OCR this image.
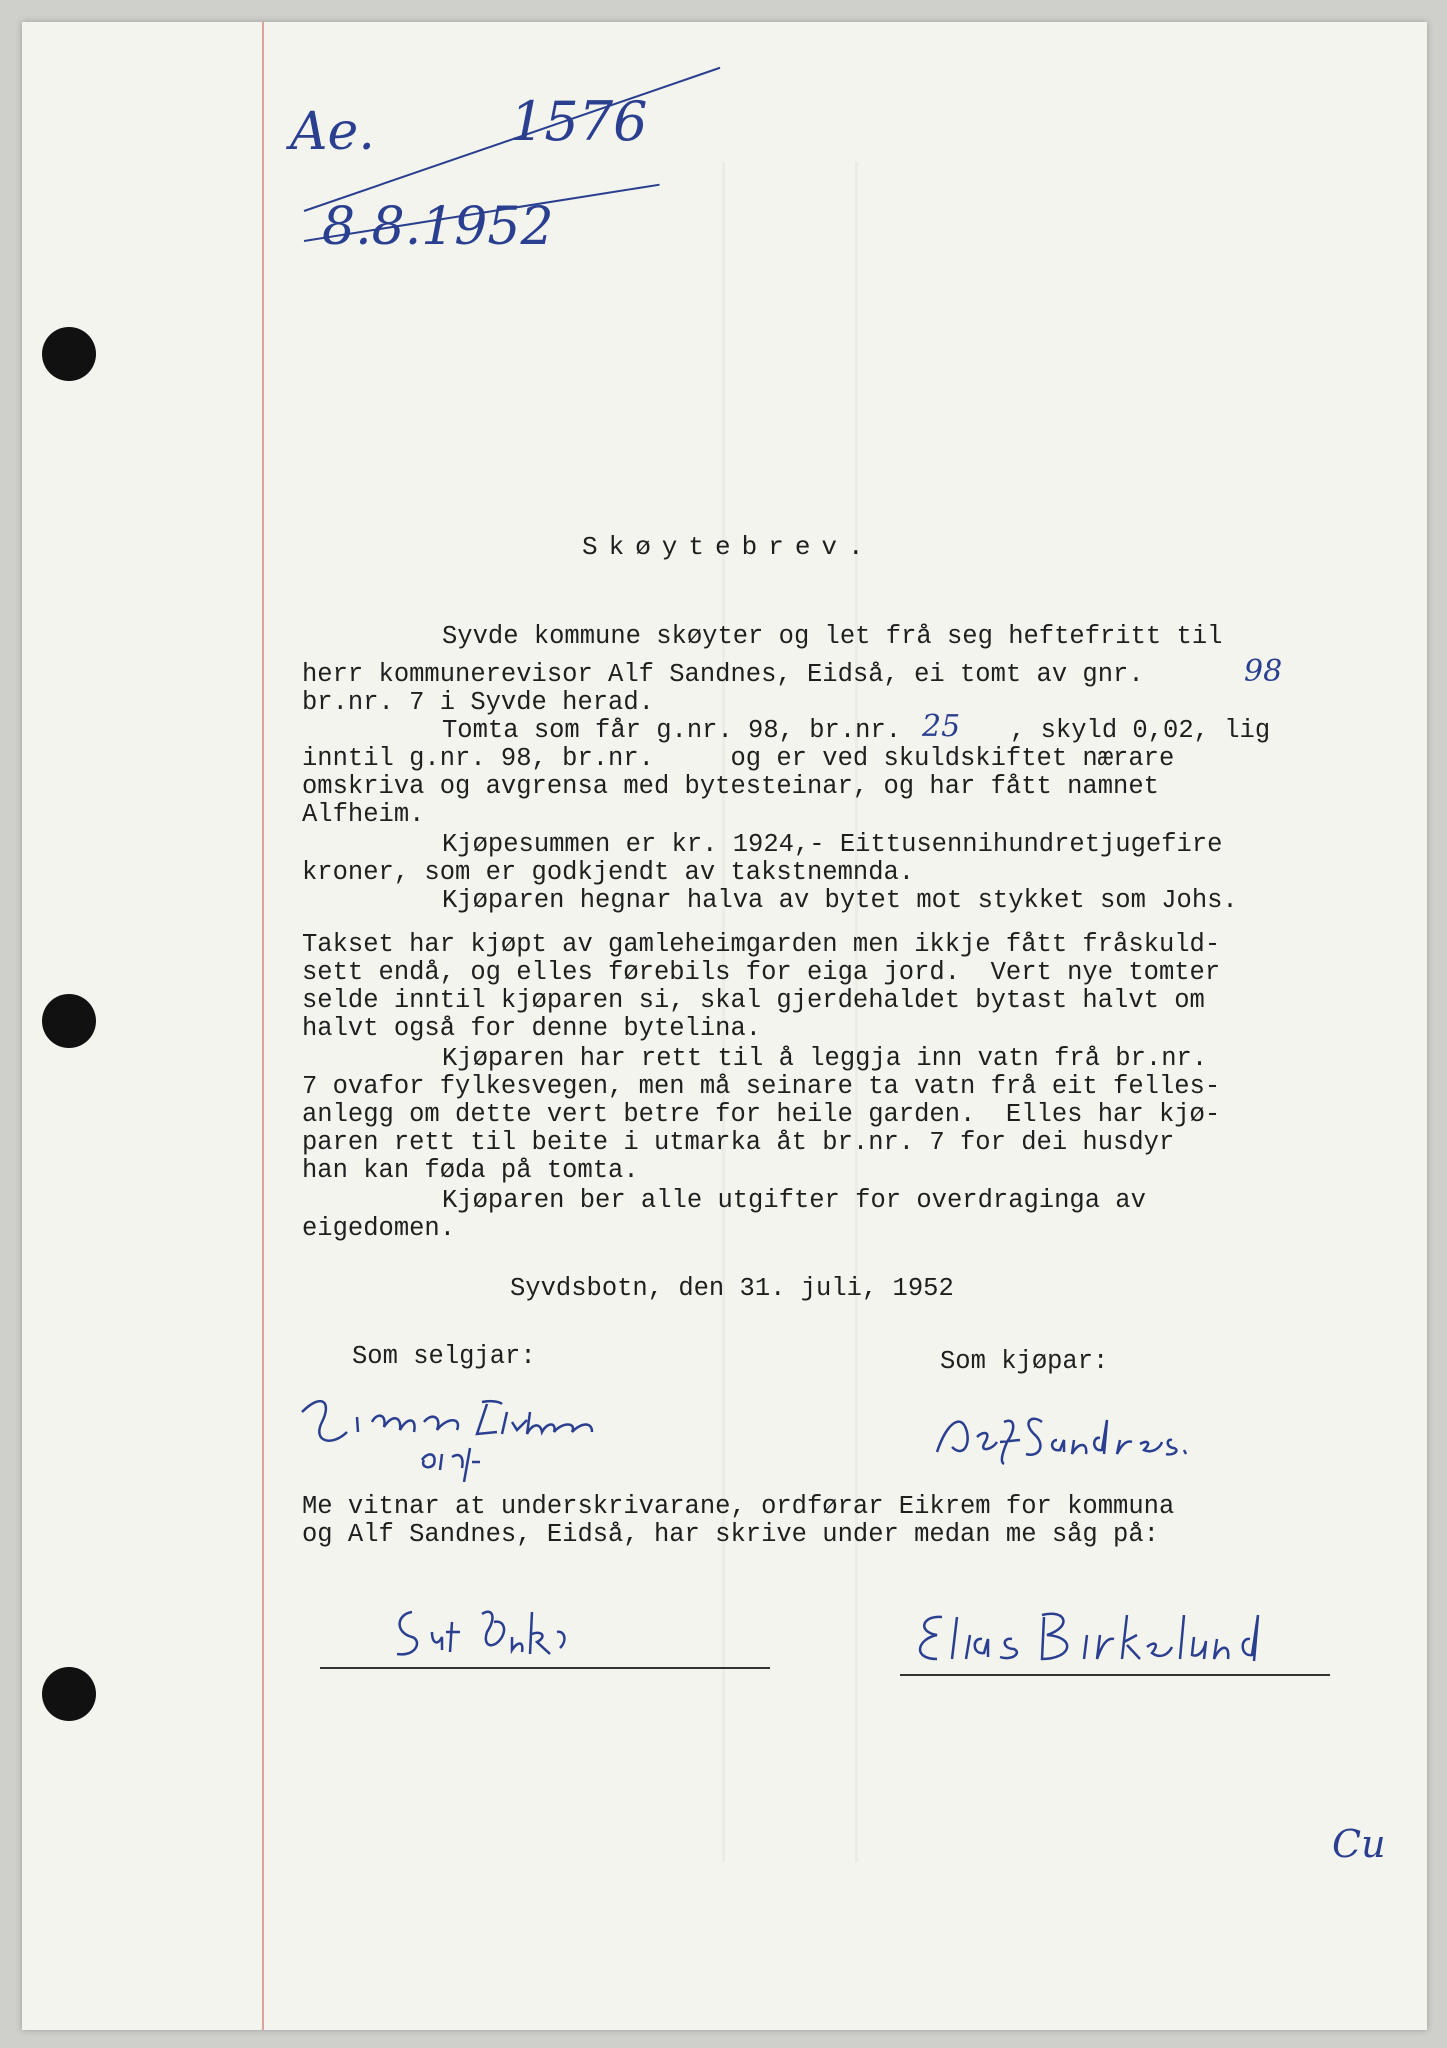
Ae.	1576
8.8.1952
Skøytebrev.
Syvde kommune skøyter og let frå seg heftefritt til
herr kommunerevisor Alf Sandnes, Eidså, ei tomt av gnr.	98
br.nr. 7 i Syvde herad.
Tomta som får g.nr. 98, br.nr. 25 , skyld 0,02, lig
inntil g.nr. 98, br.nr.     og er ved skuldskiftet nærare
omskriva og avgrensa med bytesteinar, og har fått namnet
Alfheim.
Kjøpesummen er kr. 1924,- Eittusennihundretjugefire
kroner, som er godkjendt av takstnemnda.
Kjøparen hegnar halva av bytet mot stykket som Johs.
Takset har kjøpt av gamleheimgarden men ikkje fått fråskuld-
sett endå, og elles førebils for eiga jord.  Vert nye tomter
selde inntil kjøparen si, skal gjerdehaldet bytast halvt om
halvt også for denne bytelina.
Kjøparen har rett til å leggja inn vatn frå br.nr.
7 ovafor fylkesvegen, men må seinare ta vatn frå eit felles-
anlegg om dette vert betre for heile garden.  Elles har kjø-
paren rett til beite i utmarka åt br.nr. 7 for dei husdyr
han kan føda på tomta.
Kjøparen ber alle utgifter for overdraginga av
eigedomen.
Syvdsbotn, den 31. juli, 1952
Som selgjar:	Som kjøpar:
Me vitnar at underskrivarane, ordførar Eikrem for kommuna
og Alf Sandnes, Eidså, har skrive under medan me såg på:
Cu
